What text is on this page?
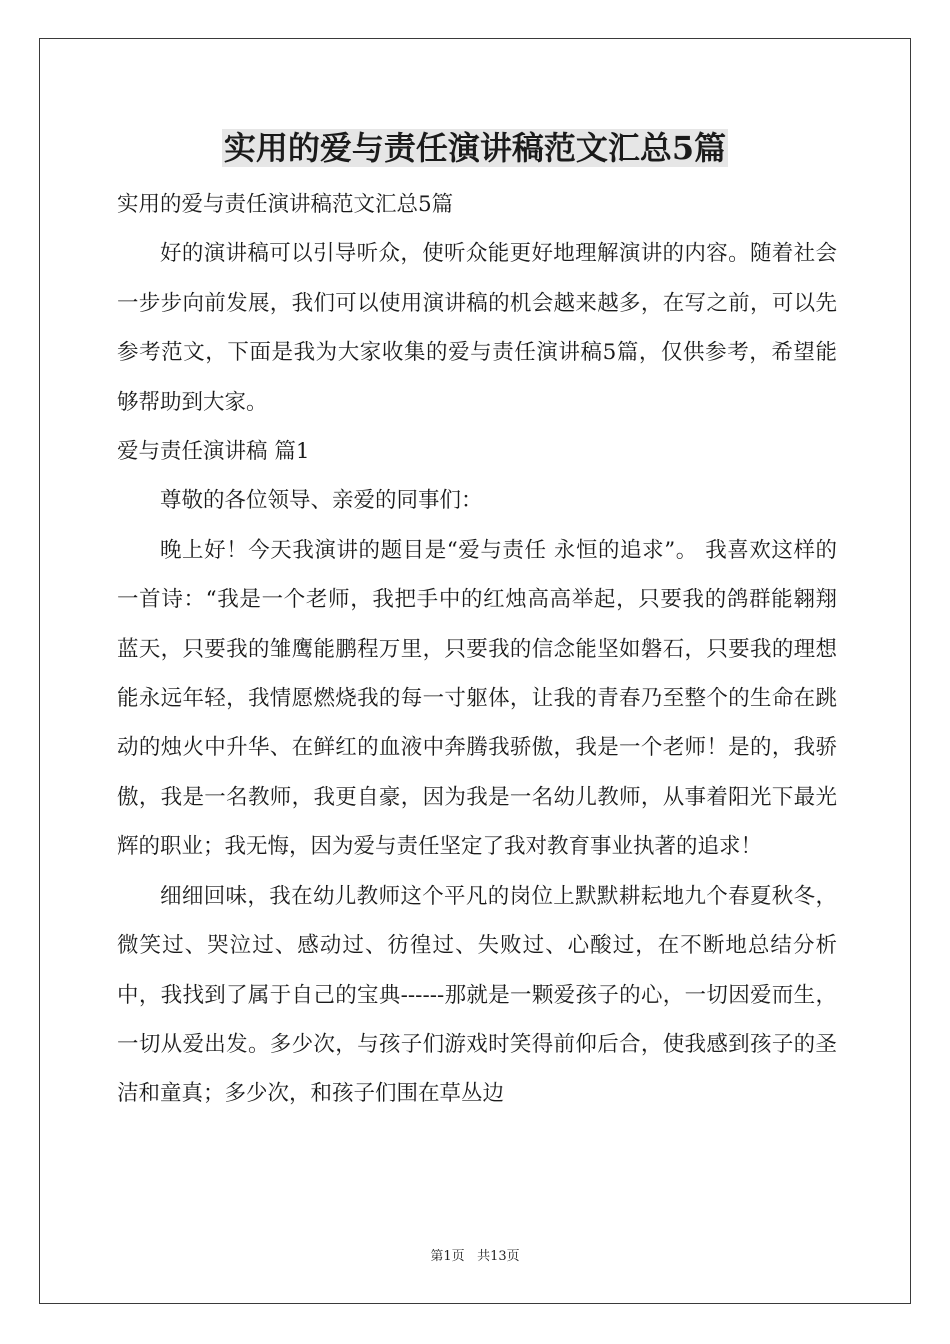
实用的爱与责任演讲稿范文汇总5篇

实用的爱与责任演讲稿范文汇总5篇

好的演讲稿可以引导听众，使听众能更好地理解演讲的内容。随着社会一步步向前发展，我们可以使用演讲稿的机会越来越多，在写之前，可以先参考范文，下面是我为大家收集的爱与责任演讲稿5篇，仅供参考，希望能够帮助到大家。

爱与责任演讲稿 篇1

尊敬的各位领导、亲爱的同事们：

晚上好！今天我演讲的题目是“爱与责任 永恒的追求”。 我喜欢这样的一首诗：“我是一个老师，我把手中的红烛高高举起，只要我的鸽群能翱翔蓝天，只要我的雏鹰能鹏程万里，只要我的信念能坚如磐石，只要我的理想能永远年轻，我情愿燃烧我的每一寸躯体，让我的青春乃至整个的生命在跳动的烛火中升华、在鲜红的血液中奔腾我骄傲，我是一个老师！是的，我骄傲，我是一名教师，我更自豪，因为我是一名幼儿教师，从事着阳光下最光辉的职业；我无悔，因为爱与责任坚定了我对教育事业执著的追求！

细细回味，我在幼儿教师这个平凡的岗位上默默耕耘地九个春夏秋冬，微笑过、哭泣过、感动过、彷徨过、失败过、心酸过，在不断地总结分析中，我找到了属于自己的宝典------那就是一颗爱孩子的心，一切因爱而生，一切从爱出发。多少次，与孩子们游戏时笑得前仰后合，使我感到孩子的圣洁和童真；多少次，和孩子们围在草丛边

第1页 共13页
